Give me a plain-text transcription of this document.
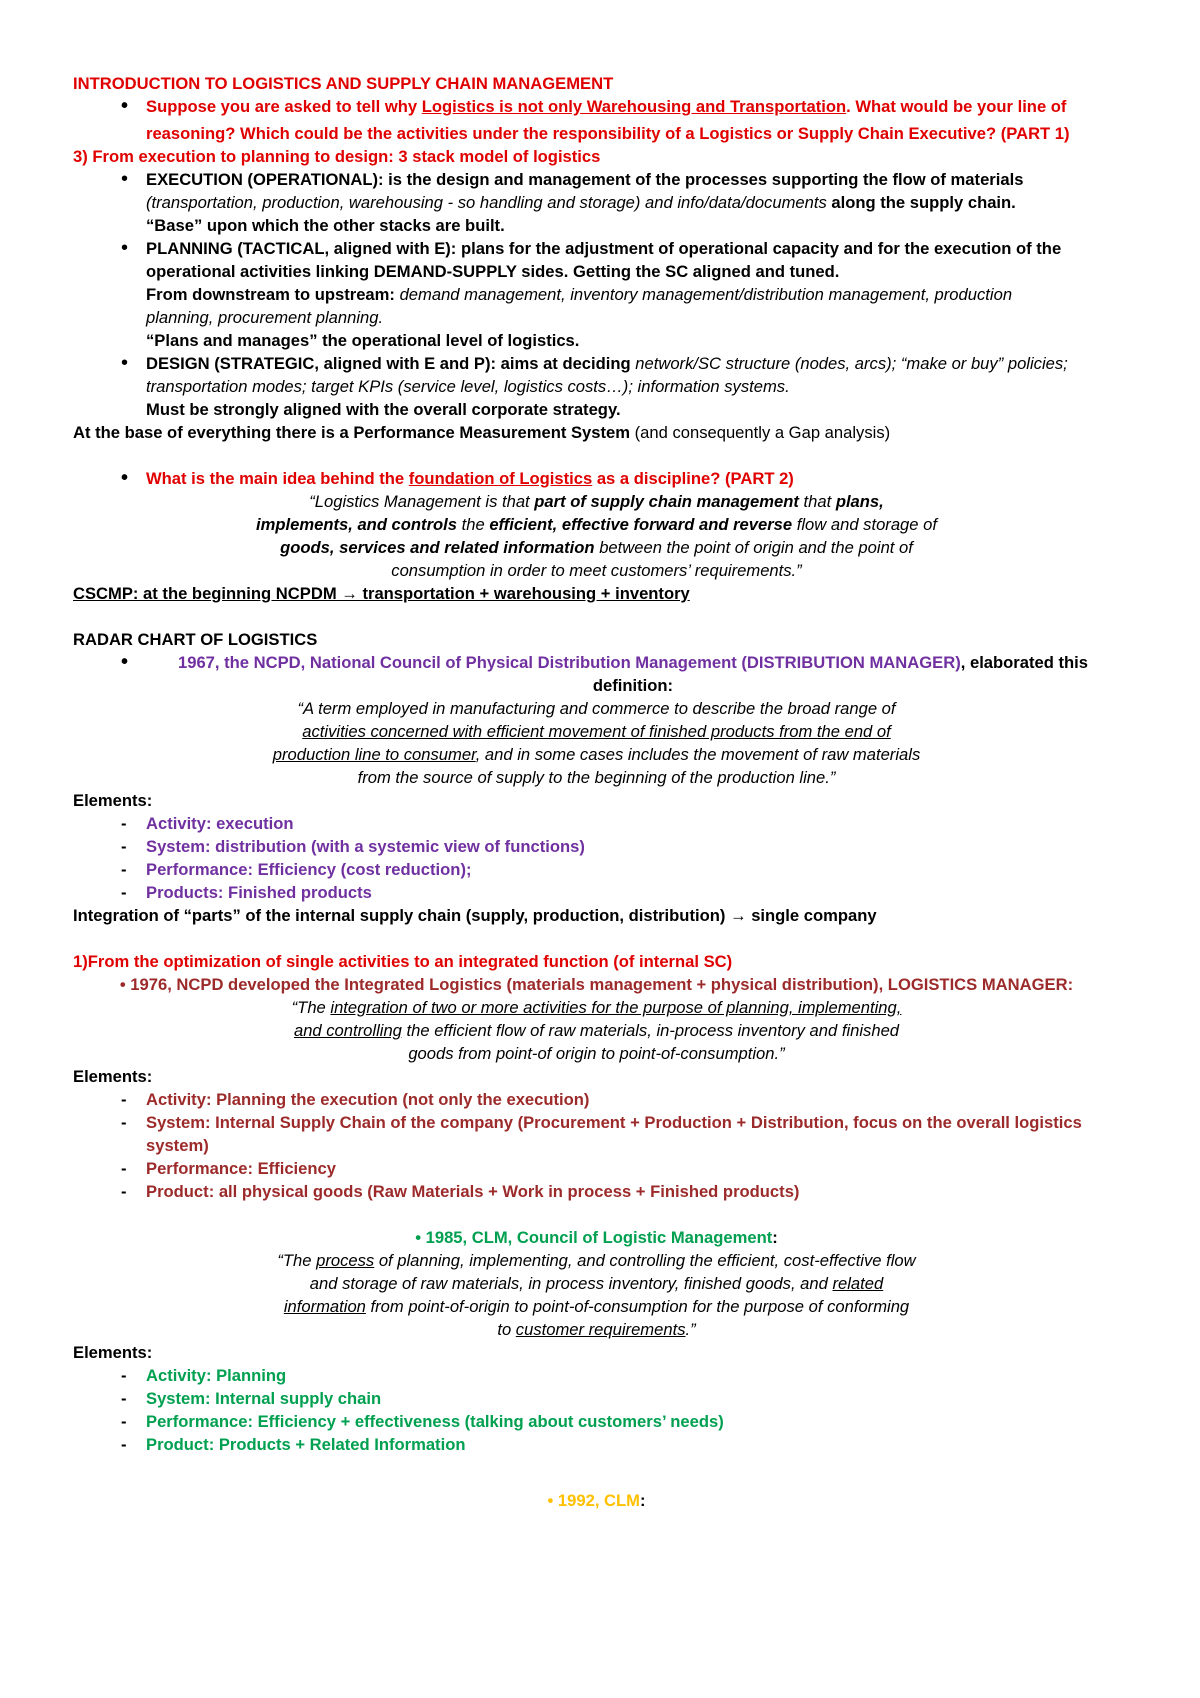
INTRODUCTION TO LOGISTICS AND SUPPLY CHAIN MANAGEMENT

• Suppose you are asked to tell why Logistics is not only Warehousing and Transportation. What would be your line of

reasoning? Which could be the activities under the responsibility of a Logistics or Supply Chain Executive? (PART 1)

3) From execution to planning to design: 3 stack model of logistics

• EXECUTION (OPERATIONAL): is the design and management of the processes supporting the flow of materials

(transportation, production, warehousing - so handling and storage) and info/data/documents along the supply chain.

“Base” upon which the other stacks are built.

• PLANNING (TACTICAL, aligned with E): plans for the adjustment of operational capacity and for the execution of the

operational activities linking DEMAND-SUPPLY sides. Getting the SC aligned and tuned.

From downstream to upstream: demand management, inventory management/distribution management, production

planning, procurement planning.

“Plans and manages” the operational level of logistics.

• DESIGN (STRATEGIC, aligned with E and P): aims at deciding network/SC structure (nodes, arcs); “make or buy” policies;

transportation modes; target KPIs (service level, logistics costs…); information systems.

Must be strongly aligned with the overall corporate strategy.

At the base of everything there is a Performance Measurement System (and consequently a Gap analysis)

• What is the main idea behind the foundation of Logistics as a discipline? (PART 2)

“Logistics Management is that part of supply chain management that plans,

implements, and controls the efficient, effective forward and reverse flow and storage of

goods, services and related information between the point of origin and the point of

consumption in order to meet customers’ requirements.”

CSCMP: at the beginning NCPDM → transportation + warehousing + inventory

RADAR CHART OF LOGISTICS

• 1967, the NCPD, National Council of Physical Distribution Management (DISTRIBUTION MANAGER), elaborated this

definition:

“A term employed in manufacturing and commerce to describe the broad range of

activities concerned with efficient movement of finished products from the end of

production line to consumer, and in some cases includes the movement of raw materials

from the source of supply to the beginning of the production line.”

Elements:

- Activity: execution

- System: distribution (with a systemic view of functions)

- Performance: Efficiency (cost reduction);

- Products: Finished products

Integration of “parts” of the internal supply chain (supply, production, distribution) → single company

1)From the optimization of single activities to an integrated function (of internal SC)

• 1976, NCPD developed the Integrated Logistics (materials management + physical distribution), LOGISTICS MANAGER:

“The integration of two or more activities for the purpose of planning, implementing,

and controlling the efficient flow of raw materials, in-process inventory and finished

goods from point-of origin to point-of-consumption.”

Elements:

- Activity: Planning the execution (not only the execution)

- System: Internal Supply Chain of the company (Procurement + Production + Distribution, focus on the overall logistics
system)

- Performance: Efficiency

- Product: all physical goods (Raw Materials + Work in process + Finished products)

• 1985, CLM, Council of Logistic Management:

“The process of planning, implementing, and controlling the efficient, cost-effective flow

and storage of raw materials, in process inventory, finished goods, and related

information from point-of-origin to point-of-consumption for the purpose of conforming

to customer requirements.”

Elements:

- Activity: Planning

- System: Internal supply chain

- Performance: Efficiency + effectiveness (talking about customers’ needs)

- Product: Products + Related Information

• 1992, CLM:
